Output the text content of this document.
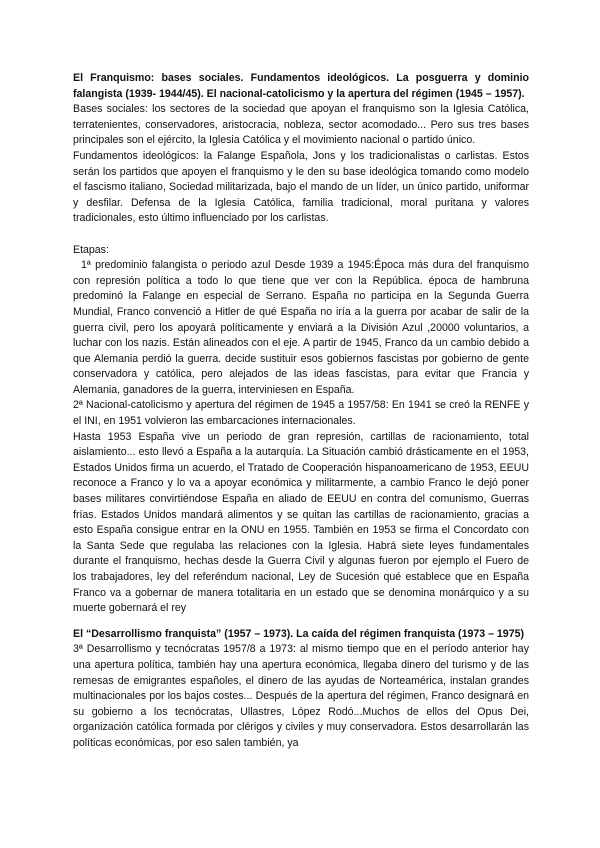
El Franquismo: bases sociales. Fundamentos ideológicos. La posguerra y dominio falangista (1939- 1944/45). El nacional-catolicismo y la apertura del régimen (1945 – 1957).

Bases sociales: los sectores de la sociedad que apoyan el franquismo son la Iglesia Católica, terratenientes, conservadores, aristocracia, nobleza, sector acomodado... Pero sus tres bases principales son el ejército, la Iglesia Católica y el movimiento nacional o partido único.

Fundamentos ideológicos: la Falange Española, Jons y los tradicionalistas o carlistas. Estos serán los partidos que apoyen el franquismo y le den su base ideológica tomando como modelo el fascismo italiano, Sociedad militarizada, bajo el mando de un líder, un único partido, uniformar y desfilar. Defensa de la Iglesia Católica, familia tradicional, moral puritana y valores tradicionales, esto último influenciado por los carlistas.

Etapas:

1ª predominio falangista o periodo azul Desde 1939 a 1945:Época más dura del franquismo con represión política a todo lo que tiene que ver con la República. época de hambruna predominó la Falange en especial de Serrano. España no participa en la Segunda Guerra Mundial, Franco convenció a Hitler de qué España no iría a la guerra por acabar de salir de la guerra civil, pero los apoyará políticamente y enviará a la División Azul ,20000 voluntarios, a luchar con los nazis. Están alineados con el eje. A partir de 1945, Franco da un cambio debido a que Alemania perdió la guerra. decide sustituir esos gobiernos fascistas por gobierno de gente conservadora y católica, pero alejados de las ideas fascistas, para evitar que Francia y Alemania, ganadores de la guerra, interviniesen en España.

2ª Nacional-catolicismo y apertura del régimen de 1945 a 1957/58: En 1941 se creó la RENFE y el INI, en 1951 volvieron las embarcaciones internacionales.

Hasta 1953 España vive un periodo de gran represión, cartillas de racionamiento, total aislamiento... esto llevó a España a la autarquía. La Situación cambió drásticamente en el 1953, Estados Unidos firma un acuerdo, el Tratado de Cooperación hispanoamericano de 1953, EEUU reconoce a Franco y lo va a apoyar económica y militarmente, a cambio Franco le dejó poner bases militares convirtiéndose España en aliado de EEUU en contra del comunismo, Guerras frías. Estados Unidos mandará alimentos y se quitan las cartillas de racionamiento, gracias a esto España consigue entrar en la ONU en 1955. También en 1953 se firma el Concordato con la Santa Sede que regulaba las relaciones con la Iglesia. Habrá siete leyes fundamentales durante el franquismo, hechas desde la Guerra Civil y algunas fueron por ejemplo el Fuero de los trabajadores, ley del referéndum nacional, Ley de Sucesión qué establece que en España Franco va a gobernar de manera totalitaria en un estado que se denomina monárquico y a su muerte gobernará el rey

El “Desarrollismo franquista” (1957 – 1973). La caída del régimen franquista (1973 – 1975)

3ª Desarrollismo y tecnócratas 1957/8 a 1973: al mismo tiempo que en el período anterior hay una apertura política, también hay una apertura económica, llegaba dinero del turismo y de las remesas de emigrantes españoles, el dinero de las ayudas de Norteamérica, instalan grandes multinacionales por los bajos costes... Después de la apertura del régimen, Franco designará en su gobierno a los tecnócratas, Ullastres, López Rodó...Muchos de ellos del Opus Dei, organización católica formada por clérigos y civiles y muy conservadora. Estos desarrollarán las políticas económicas, por eso salen también, ya
